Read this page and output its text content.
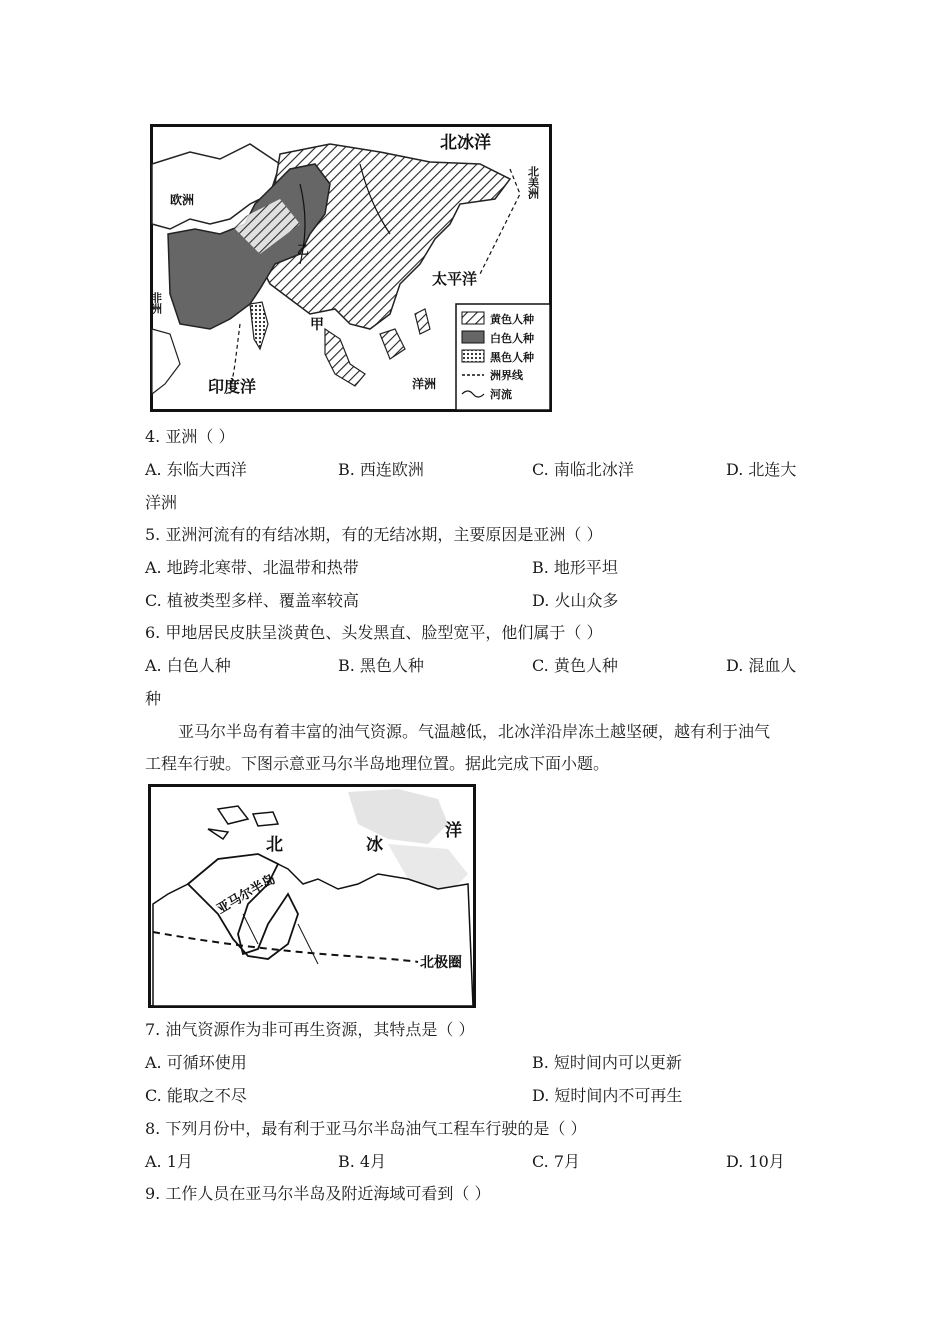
北冰洋
北美洲
欧洲
太平洋
印度洋
非洲
甲
乙
洋洲
黄色人种
白色人种
黑色人种
洲界线
河流
4. 亚洲（ ）
A. 东临大西洋	B. 西连欧洲	C. 南临北冰洋	D. 北连大
洋洲
5. 亚洲河流有的有结冰期，有的无结冰期，主要原因是亚洲（ ）
A. 地跨北寒带、北温带和热带	B. 地形平坦
C. 植被类型多样、覆盖率较高	D. 火山众多
6. 甲地居民皮肤呈淡黄色、头发黑直、脸型宽平，他们属于（ ）
A. 白色人种	B. 黑色人种	C. 黄色人种	D. 混血人
种
亚马尔半岛有着丰富的油气资源。气温越低，北冰洋沿岸冻土越坚硬，越有利于油气
工程车行驶。下图示意亚马尔半岛地理位置。据此完成下面小题。
北	冰
洋
亚马尔半岛
北极圈
7. 油气资源作为非可再生资源，其特点是（ ）
A. 可循环使用	B. 短时间内可以更新
C. 能取之不尽	D. 短时间内不可再生
8. 下列月份中，最有利于亚马尔半岛油气工程车行驶的是（ ）
A. 1月	B. 4月	C. 7月	D. 10月
9. 工作人员在亚马尔半岛及附近海域可看到（ ）
